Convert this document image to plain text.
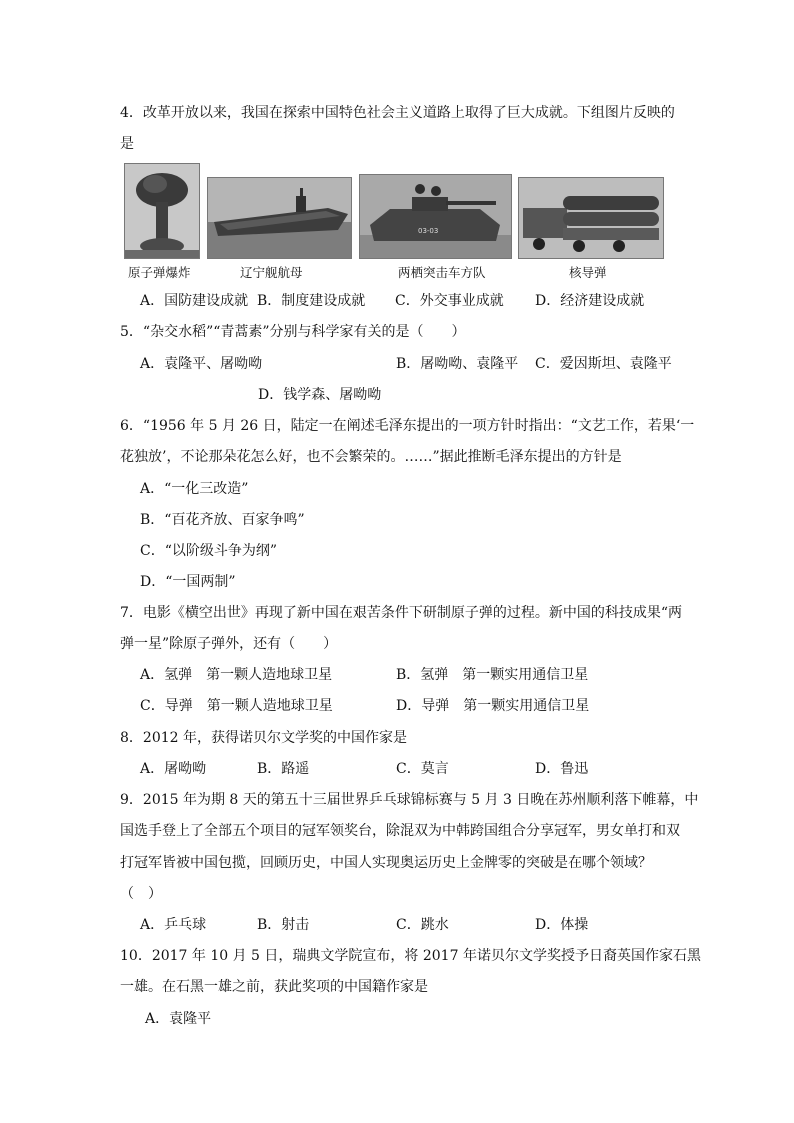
4．改革开放以来，我国在探索中国特色社会主义道路上取得了巨大成就。下组图片反映的
是
03-03
原子弹爆炸	辽宁舰航母	两栖突击车方队	核导弹
A．国防建设成就 B．制度建设成就 C．外交事业成就 D．经济建设成就
5．“杂交水稻”“青蒿素”分别与科学家有关的是（　　）
A．袁隆平、屠呦呦	B．屠呦呦、袁隆平 C．爱因斯坦、袁隆平
D．钱学森、屠呦呦
6．“1956 年 5 月 26 日，陆定一在阐述毛泽东提出的一项方针时指出：“文艺工作，若果‘一
花独放’，不论那朵花怎么好，也不会繁荣的。……”据此推断毛泽东提出的方针是
A．“一化三改造”
B．“百花齐放、百家争鸣”
C．“以阶级斗争为纲”
D．“一国两制”
7．电影《横空出世》再现了新中国在艰苦条件下研制原子弹的过程。新中国的科技成果“两
弹一星”除原子弹外，还有（　　）
A．氢弹　第一颗人造地球卫星	B．氢弹　第一颗实用通信卫星
C．导弹　第一颗人造地球卫星	D．导弹　第一颗实用通信卫星
8．2012 年，获得诺贝尔文学奖的中国作家是
A．屠呦呦	B．路遥	C．莫言	D．鲁迅
9．2015 年为期 8 天的第五十三届世界乒乓球锦标赛与 5 月 3 日晚在苏州顺利落下帷幕，中
国选手登上了全部五个项目的冠军领奖台，除混双为中韩跨国组合分享冠军，男女单打和双
打冠军皆被中国包揽，回顾历史，中国人实现奥运历史上金牌零的突破是在哪个领域？
（　）
A．乒乓球	B．射击	C．跳水	D．体操
10．2017 年 10 月 5 日，瑞典文学院宣布，将 2017 年诺贝尔文学奖授予日裔英国作家石黑
一雄。在石黑一雄之前，获此奖项的中国籍作家是
A．袁隆平
